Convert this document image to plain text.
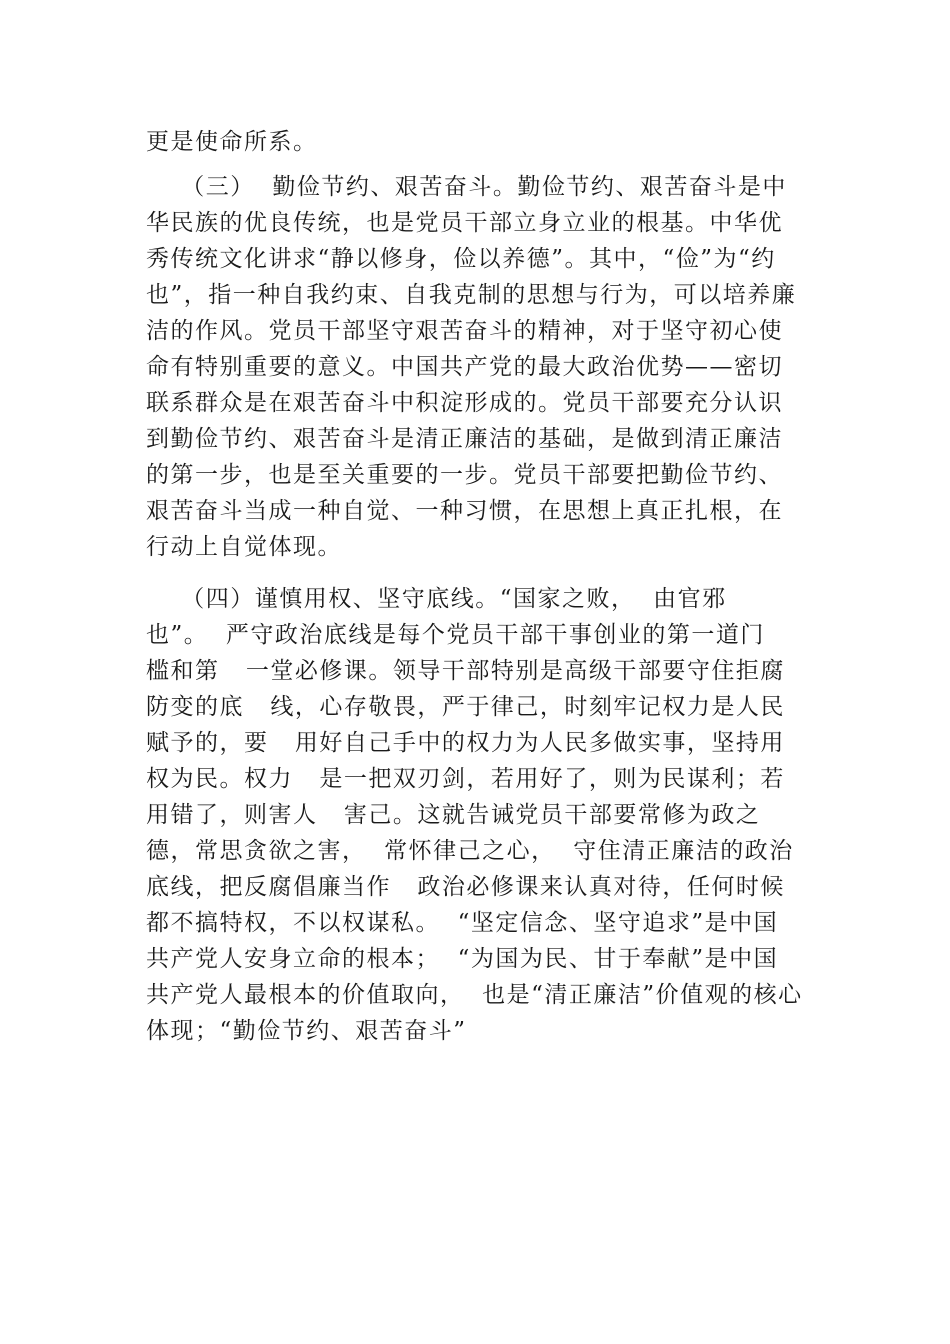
更是使命所系。
（三）  勤俭节约、艰苦奋斗。勤俭节约、艰苦奋斗是中
华民族的优良传统，也是党员干部立身立业的根基。中华优
秀传统文化讲求“静以修身，俭以养德”。其中，“俭”为“约
也”，指一种自我约束、自我克制的思想与行为，可以培养廉
洁的作风。党员干部坚守艰苦奋斗的精神，对于坚守初心使
命有特别重要的意义。中国共产党的最大政治优势——密切
联系群众是在艰苦奋斗中积淀形成的。党员干部要充分认识
到勤俭节约、艰苦奋斗是清正廉洁的基础，是做到清正廉洁
的第一步，也是至关重要的一步。党员干部要把勤俭节约、
艰苦奋斗当成一种自觉、一种习惯，在思想上真正扎根，在
行动上自觉体现。
（四）谨慎用权、坚守底线。“国家之败，  由官邪
也”。  严守政治底线是每个党员干部干事创业的第一道门
槛和第   一堂必修课。领导干部特别是高级干部要守住拒腐
防变的底   线，心存敬畏，严于律己，时刻牢记权力是人民
赋予的，要   用好自己手中的权力为人民多做实事，坚持用
权为民。权力   是一把双刃剑，若用好了，则为民谋利；若
用错了，则害人   害己。这就告诫党员干部要常修为政之
德，常思贪欲之害，  常怀律己之心，  守住清正廉洁的政治
底线，把反腐倡廉当作   政治必修课来认真对待，任何时候
都不搞特权，不以权谋私。  “坚定信念、坚守追求”是中国
共产党人安身立命的根本；  “为国为民、甘于奉献”是中国
共产党人最根本的价值取向，  也是“清正廉洁”价值观的核心
体现；“勤俭节约、艰苦奋斗”
